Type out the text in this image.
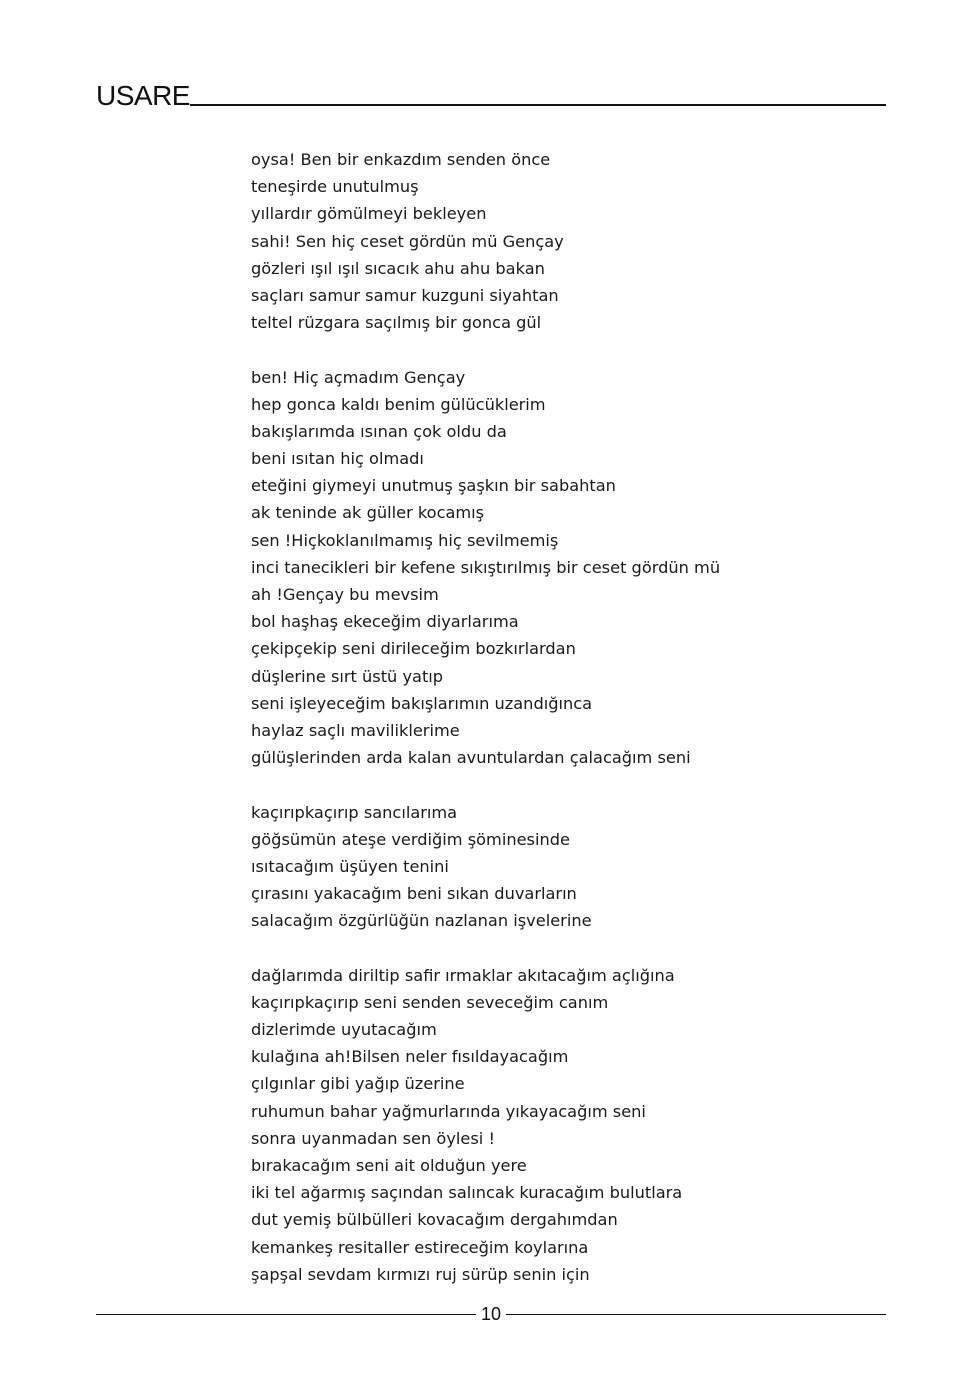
USARE
oysa! Ben bir enkazdım senden önce
teneşirde unutulmuş
yıllardır gömülmeyi bekleyen
sahi! Sen hiç ceset gördün mü Gençay
gözleri ışıl ışıl sıcacık ahu ahu bakan
saçları samur samur kuzguni siyahtan
teltel rüzgara saçılmış bir gonca gül
ben! Hiç açmadım Gençay
hep gonca kaldı benim gülücüklerim
bakışlarımda ısınan çok oldu da
beni ısıtan hiç olmadı
eteğini giymeyi unutmuş şaşkın bir sabahtan
ak teninde ak güller kocamış
sen !Hiçkoklanılmamış hiç sevilmemiş
inci tanecikleri bir kefene sıkıştırılmış bir ceset gördün mü
ah !Gençay bu mevsim
bol haşhaş ekeceğim diyarlarıma
çekipçekip seni dirileceğim bozkırlardan
düşlerine sırt üstü yatıp
seni işleyeceğim bakışlarımın uzandığınca
haylaz saçlı maviliklerime
gülüşlerinden arda kalan avuntulardan çalacağım seni
kaçırıpkaçırıp sancılarıma
göğsümün ateşe verdiğim şöminesinde
ısıtacağım üşüyen tenini
çırasını yakacağım beni sıkan duvarların
salacağım özgürlüğün nazlanan işvelerine
dağlarımda diriltip safir ırmaklar akıtacağım açlığına
kaçırıpkaçırıp seni senden seveceğim canım
dizlerimde uyutacağım
kulağına ah!Bilsen neler fısıldayacağım
çılgınlar gibi yağıp üzerine
ruhumun bahar yağmurlarında yıkayacağım seni
sonra uyanmadan sen öylesi !
bırakacağım seni ait olduğun yere
iki tel ağarmış saçından salıncak kuracağım bulutlara
dut yemiş bülbülleri kovacağım dergahımdan
kemankeş resitaller estireceğim koylarına
şapşal sevdam kırmızı ruj sürüp senin için
10
